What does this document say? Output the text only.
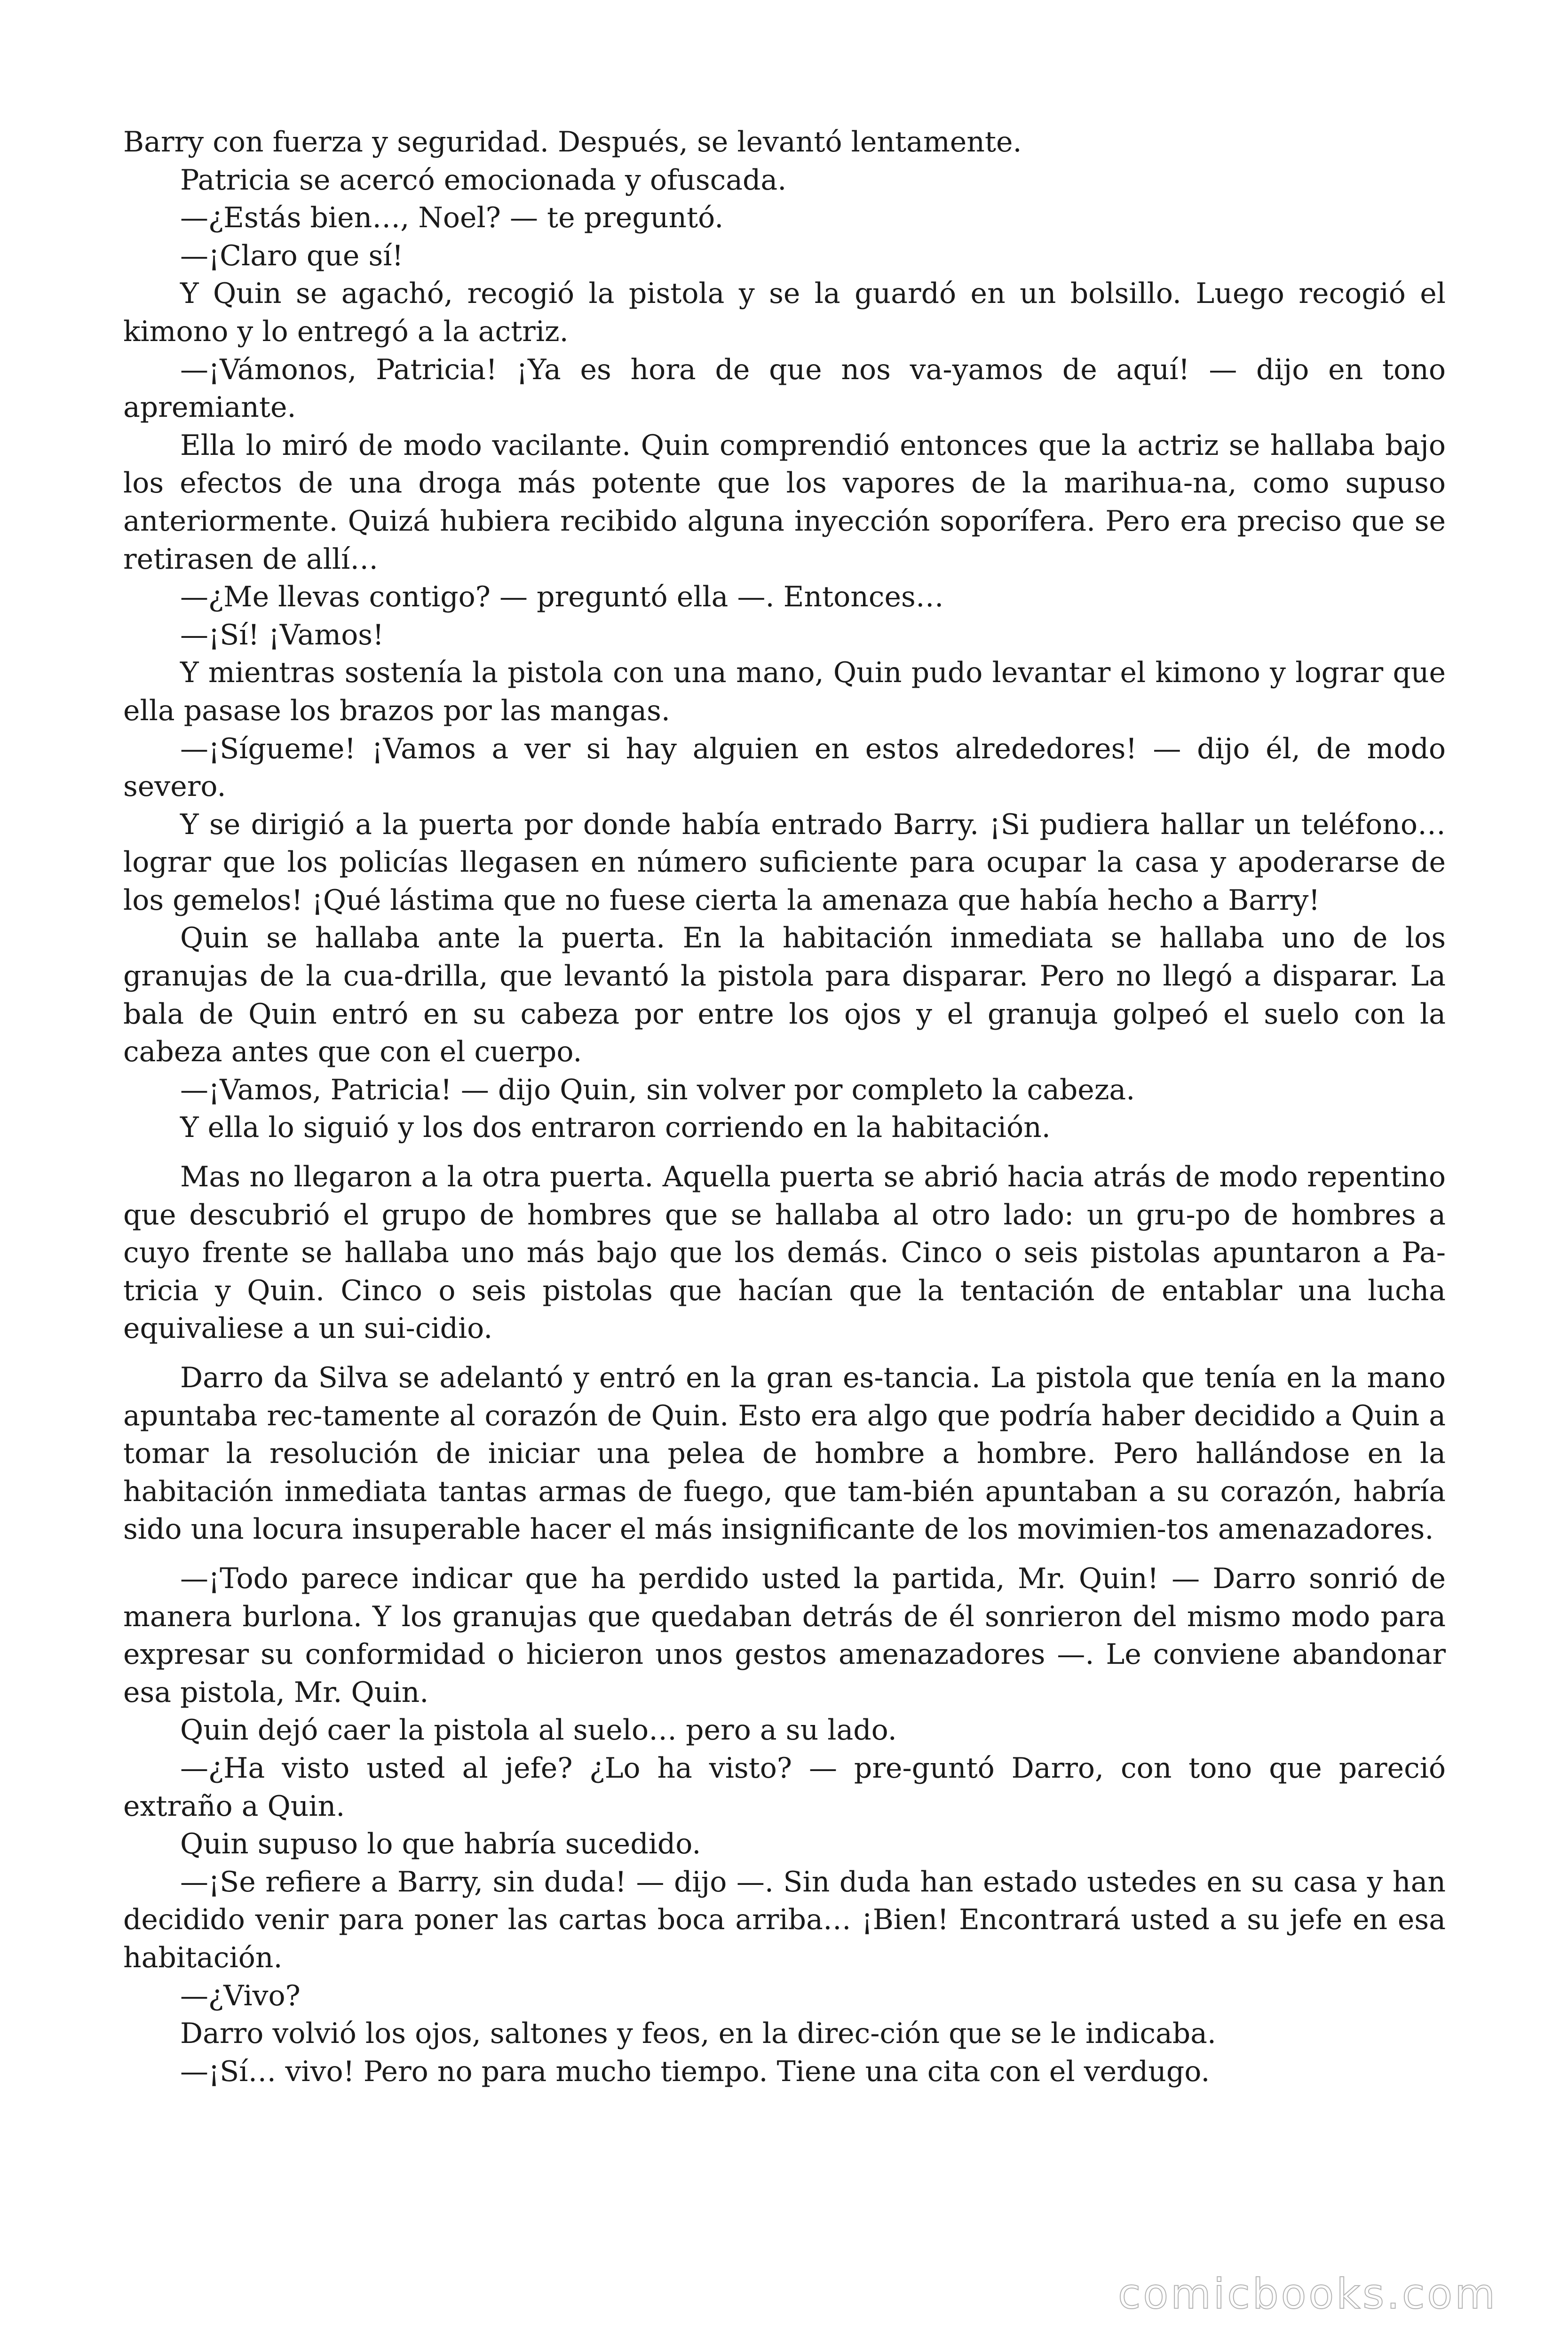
Barry con fuerza y seguridad. Después, se levantó lentamente.

Patricia se acercó emocionada y ofuscada.

—¿Estás bien…, Noel? — te preguntó.

—¡Claro que sí!

Y Quin se agachó, recogió la pistola y se la guardó en un bolsillo. Luego recogió el kimono y lo entregó a la actriz.

—¡Vámonos, Patricia! ¡Ya es hora de que nos va-yamos de aquí! — dijo en tono apremiante.

Ella lo miró de modo vacilante. Quin comprendió entonces que la actriz se hallaba bajo los efectos de una droga más potente que los vapores de la marihua-na, como supuso anteriormente. Quizá hubiera recibido alguna inyección soporífera. Pero era preciso que se retirasen de allí…

—¿Me llevas contigo? — preguntó ella —. Entonces…

—¡Sí! ¡Vamos!

Y mientras sostenía la pistola con una mano, Quin pudo levantar el kimono y lograr que ella pasase los brazos por las mangas.

—¡Sígueme! ¡Vamos a ver si hay alguien en estos alrededores! — dijo él, de modo severo.

Y se dirigió a la puerta por donde había entrado Barry. ¡Si pudiera hallar un teléfono… lograr que los policías llegasen en número suficiente para ocupar la casa y apoderarse de los gemelos! ¡Qué lástima que no fuese cierta la amenaza que había hecho a Barry!

Quin se hallaba ante la puerta. En la habitación inmediata se hallaba uno de los granujas de la cua-drilla, que levantó la pistola para disparar. Pero no llegó a disparar. La bala de Quin entró en su cabeza por entre los ojos y el granuja golpeó el suelo con la cabeza antes que con el cuerpo.

—¡Vamos, Patricia! — dijo Quin, sin volver por completo la cabeza.

Y ella lo siguió y los dos entraron corriendo en la habitación.

Mas no llegaron a la otra puerta. Aquella puerta se abrió hacia atrás de modo repentino que descubrió el grupo de hombres que se hallaba al otro lado: un gru-po de hombres a cuyo frente se hallaba uno más bajo que los demás. Cinco o seis pistolas apuntaron a Pa-tricia y Quin. Cinco o seis pistolas que hacían que la tentación de entablar una lucha equivaliese a un sui-cidio.

Darro da Silva se adelantó y entró en la gran es-tancia. La pistola que tenía en la mano apuntaba rec-tamente al corazón de Quin. Esto era algo que podría haber decidido a Quin a tomar la resolución de iniciar una pelea de hombre a hombre. Pero hallándose en la habitación inmediata tantas armas de fuego, que tam-bién apuntaban a su corazón, habría sido una locura insuperable hacer el más insignificante de los movimien-tos amenazadores.

—¡Todo parece indicar que ha perdido usted la partida, Mr. Quin! — Darro sonrió de manera burlona. Y los granujas que quedaban detrás de él sonrieron del mismo modo para expresar su conformidad o hicieron unos gestos amenazadores —. Le conviene abandonar esa pistola, Mr. Quin.

Quin dejó caer la pistola al suelo… pero a su lado.

—¿Ha visto usted al jefe? ¿Lo ha visto? — pre-guntó Darro, con tono que pareció extraño a Quin.

Quin supuso lo que habría sucedido.

—¡Se refiere a Barry, sin duda! — dijo —. Sin duda han estado ustedes en su casa y han decidido venir para poner las cartas boca arriba… ¡Bien! Encontrará usted a su jefe en esa habitación.

—¿Vivo?

Darro volvió los ojos, saltones y feos, en la direc-ción que se le indicaba.

—¡Sí… vivo! Pero no para mucho tiempo. Tiene una cita con el verdugo.

comicbooks.com
